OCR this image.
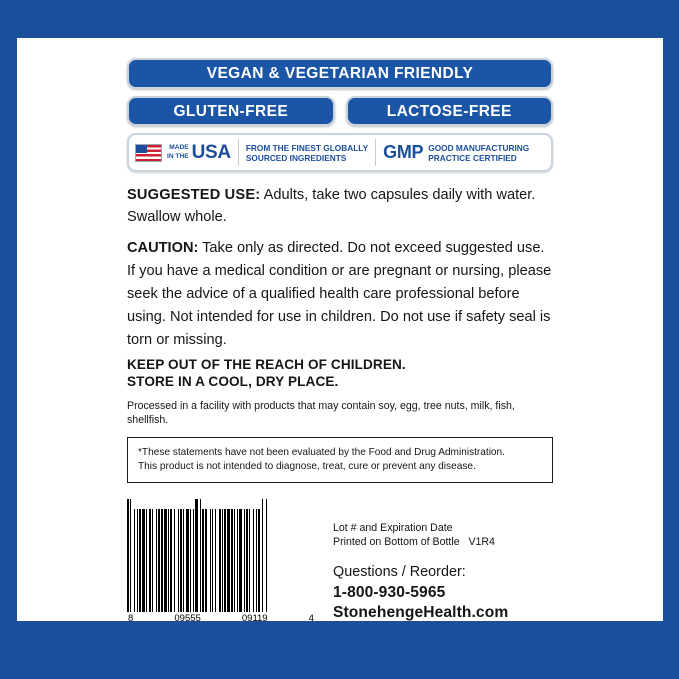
VEGAN & VEGETARIAN FRIENDLY
GLUTEN-FREE	LACTOSE-FREE
MADE
IN THE USA FROM THE FINEST GLOBALLY
SOURCED INGREDIENTS	GMP GOOD MANUFACTURING
PRACTICE CERTIFIED

SUGGESTED USE: Adults, take two capsules daily with water. Swallow whole.

CAUTION: Take only as directed. Do not exceed suggested use. If you have a medical condition or are pregnant or nursing, please seek the advice of a qualified health care professional before using. Not intended for use in children. Do not use if safety seal is torn or missing.

KEEP OUT OF THE REACH OF CHILDREN.
STORE IN A COOL, DRY PLACE.

Processed in a facility with products that may contain soy, egg, tree nuts, milk, fish, shellfish.

*These statements have not been evaluated by the Food and Drug Administration.
This product is not intended to diagnose, treat, cure or prevent any disease.
8	09555	09119	4
Lot # and Expiration Date
Printed on Bottom of Bottle V1R4
Questions / Reorder:
1-800-930-5965
StonehengeHealth.com
